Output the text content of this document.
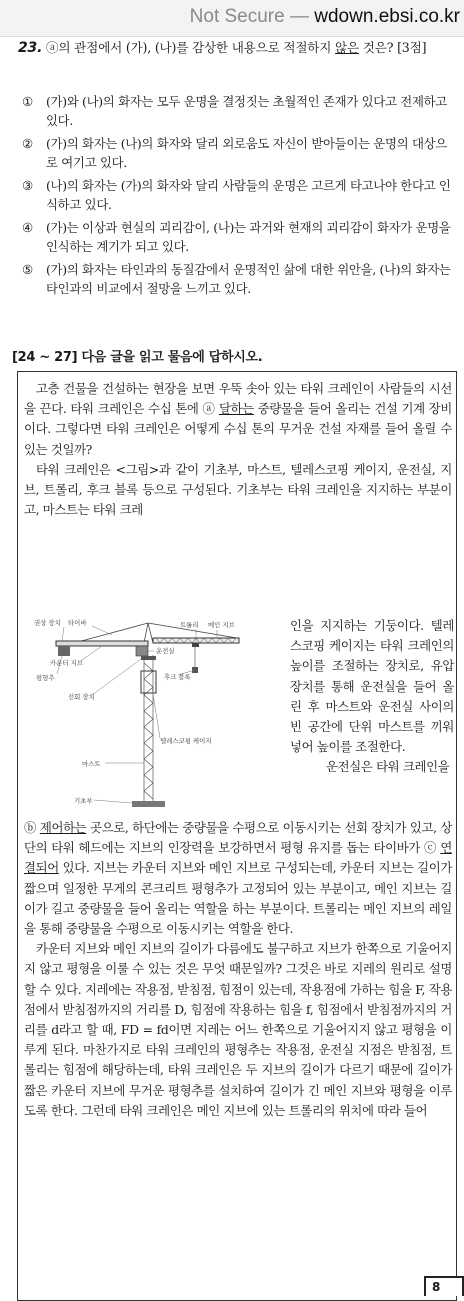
Not Secure — wdown.ebsi.co.kr
23. ⓐ의 관점에서 (가), (나)를 감상한 내용으로 적절하지 않은 것은? [3점]
① (가)와 (나)의 화자는 모두 운명을 결정짓는 초월적인 존재가 있다고 전제하고 있다.
② (가)의 화자는 (나)의 화자와 달리 외로움도 자신이 받아들이는 운명의 대상으로 여기고 있다.
③ (나)의 화자는 (가)의 화자와 달리 사람들의 운명은 고르게 타고나야 한다고 인식하고 있다.
④ (가)는 이상과 현실의 괴리감이, (나)는 과거와 현재의 괴리감이 화자가 운명을 인식하는 계기가 되고 있다.
⑤ (가)의 화자는 타인과의 동질감에서 운명적인 삶에 대한 위안을, (나)의 화자는 타인과의 비교에서 절망을 느끼고 있다.
[24 ~ 27] 다음 글을 읽고 물음에 답하시오.

고층 건물을 건설하는 현장을 보면 우뚝 솟아 있는 타워 크레인이 사람들의 시선을 끈다. 타워 크레인은 수십 톤에 ⓐ 달하는 중량물을 들어 올리는 건설 기계 장비이다. 그렇다면 타워 크레인은 어떻게 수십 톤의 무거운 건설 자재를 들어 올릴 수 있는 것일까?

타워 크레인은 <그림>과 같이 기초부, 마스트, 텔레스코핑 케이지, 운전실, 지브, 트롤리, 후크 블록 등으로 구성된다. 기초부는 타워 크레인을 지지하는 부분이고, 마스트는 타워 크레

권상 장치 타이바	트롤리 메인 지브
운전실
카운터 지브
평형추	후크 블록
선회 장치
텔레스코핑 케이지
마스트
기초부
인을 지지하는 기둥이다. 텔레스코핑 케이지는 타워 크레인의 높이를 조절하는 장치로, 유압 장치를 통해 운전실을 들어 올린 후 마스트와 운전실 사이의 빈 공간에 단위 마스트를 끼워 넣어 높이를 조절한다.
운전실은 타워 크레인을

ⓑ 제어하는 곳으로, 하단에는 중량물을 수평으로 이동시키는 선회 장치가 있고, 상단의 타워 헤드에는 지브의 인장력을 보강하면서 평형 유지를 돕는 타이바가 ⓒ 연결되어 있다. 지브는 카운터 지브와 메인 지브로 구성되는데, 카운터 지브는 길이가 짧으며 일정한 무게의 콘크리트 평형추가 고정되어 있는 부분이고, 메인 지브는 길이가 길고 중량물을 들어 올리는 역할을 하는 부분이다. 트롤리는 메인 지브의 레일을 통해 중량물을 수평으로 이동시키는 역할을 한다.

카운터 지브와 메인 지브의 길이가 다름에도 불구하고 지브가 한쪽으로 기울어지지 않고 평형을 이룰 수 있는 것은 무엇 때문일까? 그것은 바로 지레의 원리로 설명할 수 있다. 지레에는 작용점, 받침점, 힘점이 있는데, 작용점에 가하는 힘을 F, 작용점에서 받침점까지의 거리를 D, 힘점에 작용하는 힘을 f, 힘점에서 받침점까지의 거리를 d라고 할 때, FD = fd이면 지레는 어느 한쪽으로 기울어지지 않고 평형을 이루게 된다. 마찬가지로 타워 크레인의 평형추는 작용점, 운전실 지점은 받침점, 트롤리는 힘점에 해당하는데, 타워 크레인은 두 지브의 길이가 다르기 때문에 길이가 짧은 카운터 지브에 무거운 평형추를 설치하여 길이가 긴 메인 지브와 평형을 이루도록 한다. 그런데 타워 크레인은 메인 지브에 있는 트롤리의 위치에 따라 들어

8
